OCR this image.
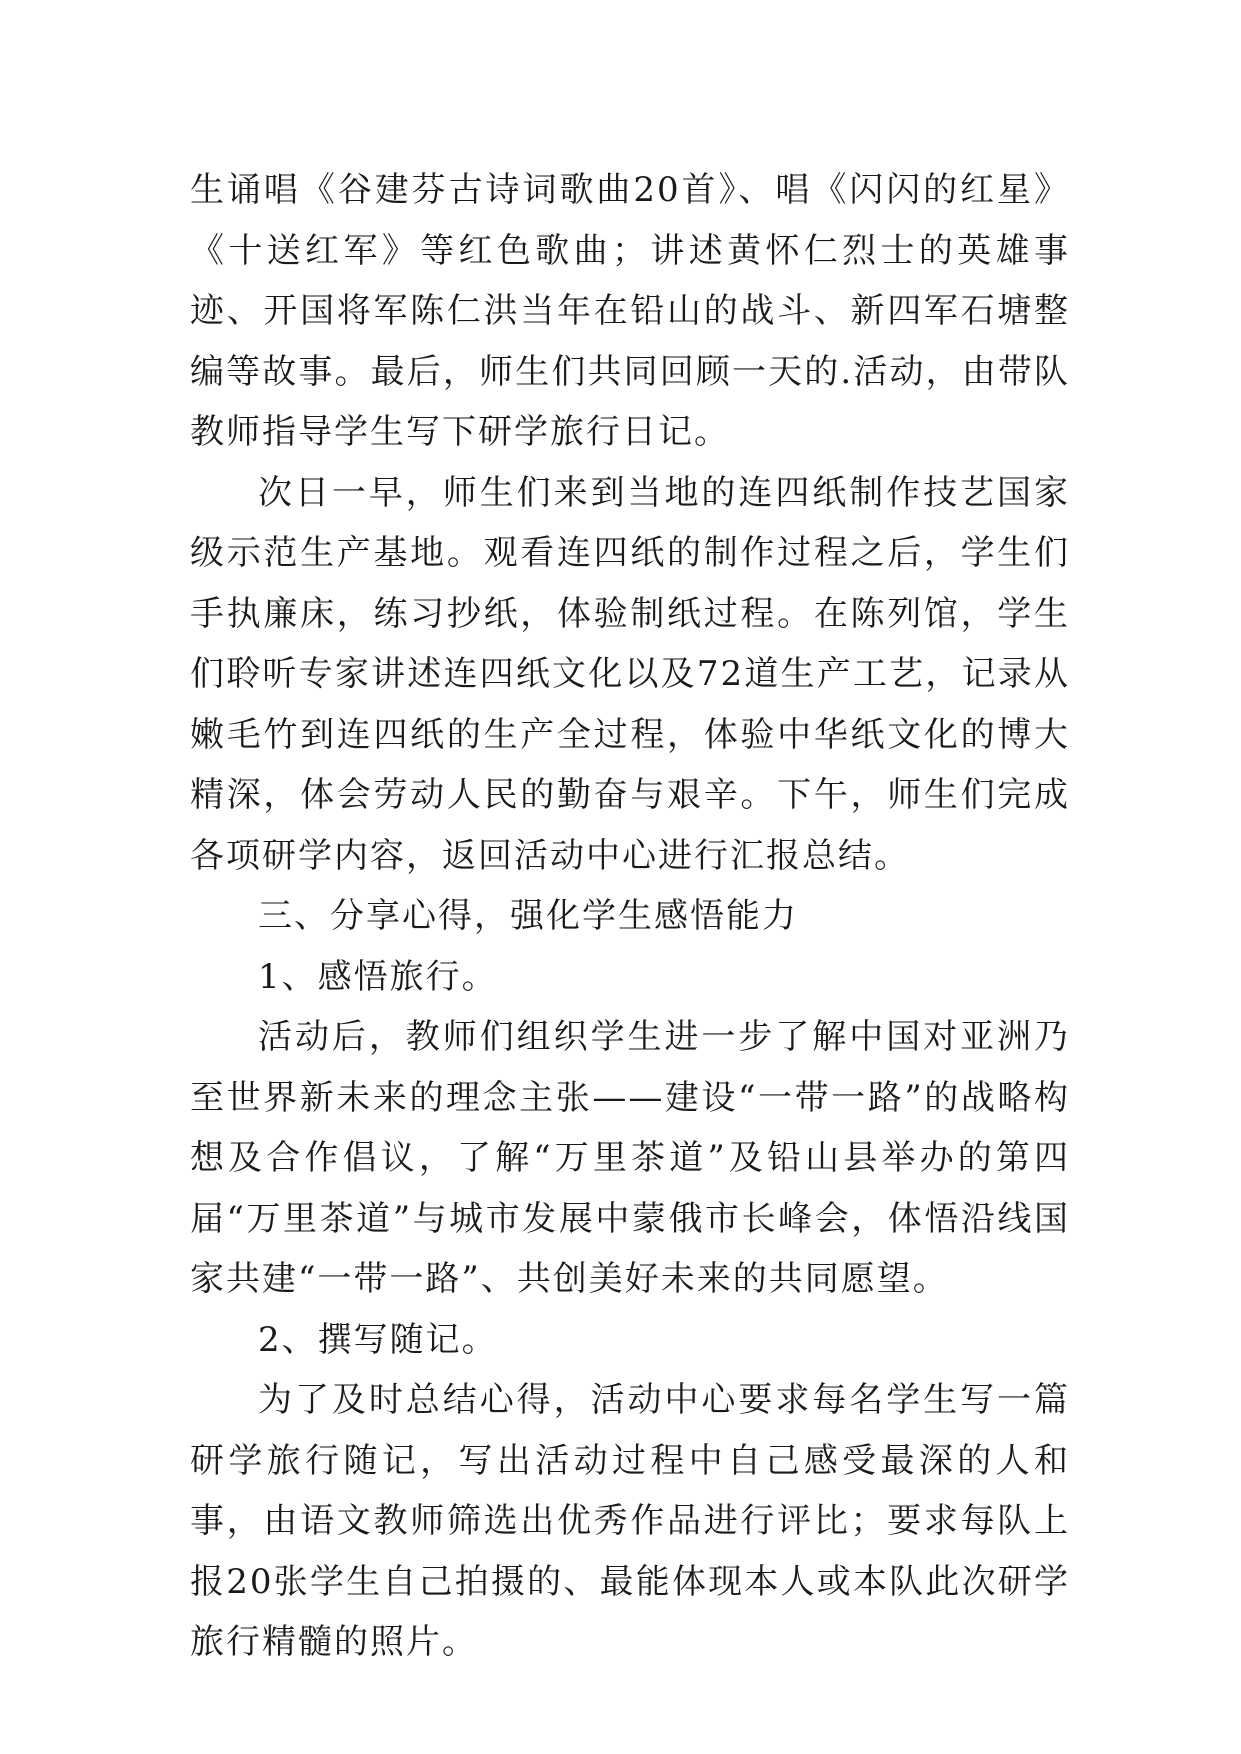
生诵唱《谷建芬古诗词歌曲20首》、唱《闪闪的红星》《十送红军》等红色歌曲；讲述黄怀仁烈士的英雄事迹、开国将军陈仁洪当年在铅山的战斗、新四军石塘整编等故事。最后，师生们共同回顾一天的.活动，由带队教师指导学生写下研学旅行日记。

次日一早，师生们来到当地的连四纸制作技艺国家级示范生产基地。观看连四纸的制作过程之后，学生们手执廉床，练习抄纸，体验制纸过程。在陈列馆，学生们聆听专家讲述连四纸文化以及72道生产工艺，记录从嫩毛竹到连四纸的生产全过程，体验中华纸文化的博大精深，体会劳动人民的勤奋与艰辛。下午，师生们完成各项研学内容，返回活动中心进行汇报总结。

三、分享心得，强化学生感悟能力

1、感悟旅行。

活动后，教师们组织学生进一步了解中国对亚洲乃至世界新未来的理念主张——建设“一带一路”的战略构想及合作倡议，了解“万里茶道”及铅山县举办的第四届“万里茶道”与城市发展中蒙俄市长峰会，体悟沿线国家共建“一带一路”、共创美好未来的共同愿望。

2、撰写随记。

为了及时总结心得，活动中心要求每名学生写一篇研学旅行随记，写出活动过程中自己感受最深的人和事，由语文教师筛选出优秀作品进行评比；要求每队上报20张学生自己拍摄的、最能体现本人或本队此次研学旅行精髓的照片。
